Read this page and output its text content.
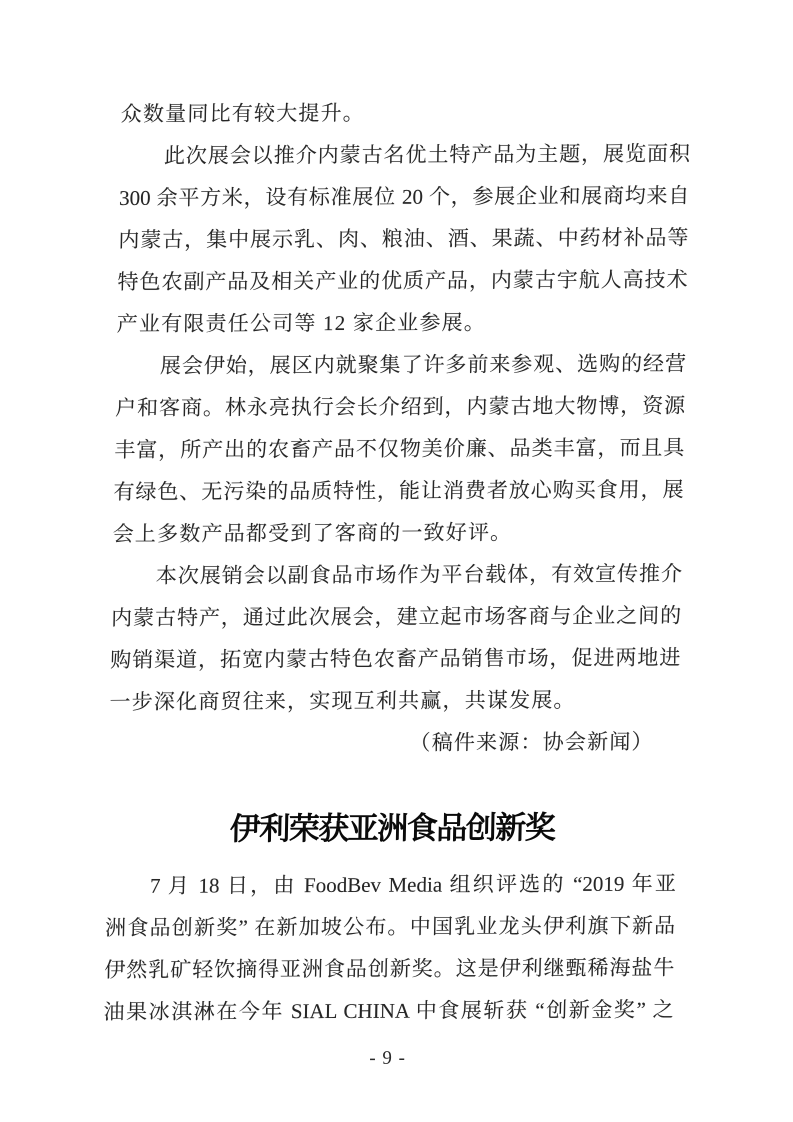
众数量同比有较大提升。
此次展会以推介内蒙古名优土特产品为主题，展览面积
300 余平方米，设有标准展位 20 个，参展企业和展商均来自
内蒙古，集中展示乳、肉、粮油、酒、果蔬、中药材补品等
特色农副产品及相关产业的优质产品，内蒙古宇航人高技术
产业有限责任公司等 12 家企业参展。
展会伊始，展区内就聚集了许多前来参观、选购的经营
户和客商。林永亮执行会长介绍到，内蒙古地大物博，资源
丰富，所产出的农畜产品不仅物美价廉、品类丰富，而且具
有绿色、无污染的品质特性，能让消费者放心购买食用，展
会上多数产品都受到了客商的一致好评。
本次展销会以副食品市场作为平台载体，有效宣传推介
内蒙古特产，通过此次展会，建立起市场客商与企业之间的
购销渠道，拓宽内蒙古特色农畜产品销售市场，促进两地进
一步深化商贸往来，实现互利共赢，共谋发展。
（稿件来源：协会新闻）
伊利荣获亚洲食品创新奖
7 月 18 日，由 FoodBev Media 组织评选的 “2019 年亚
洲食品创新奖” 在新加坡公布。中国乳业龙头伊利旗下新品
伊然乳矿轻饮摘得亚洲食品创新奖。这是伊利继甄稀海盐牛
油果冰淇淋在今年 SIAL CHINA 中食展斩获 “创新金奖” 之
- 9 -
